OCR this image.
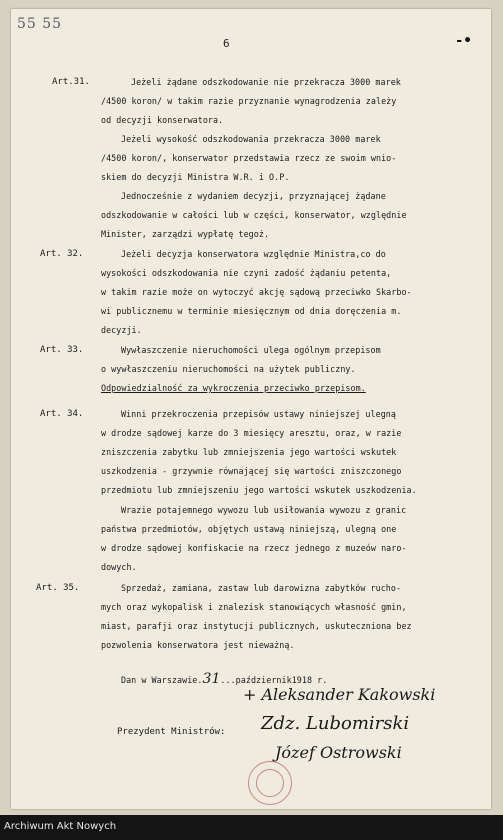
55 55
6	-•
Art.31.	Jeżeli żądane odszkodowanie nie przekracza 3000 marek
/4500 koron/ w takim razie przyznanie wynagrodzenia zależy
od decyzji konserwatora.
Jeżeli wysokość odszkodowania przekracza 3000 marek
/4500 koron/, konserwator przedstawia rzecz ze swoim wnio-
skiem do decyzji Ministra W.R. i O.P.
Jednocześnie z wydaniem decyzji, przyznającej żądane
odszkodowanie w całości lub w części, konserwator, względnie
Minister, zarządzi wypłatę tegoż.
Art. 32.	Jeżeli decyzja konserwatora względnie Ministra,co do
wysokości odszkodowania nie czyni zadość żądaniu petenta,
w takim razie może on wytoczyć akcję sądową przeciwko Skarbo-
wi publicznemu w terminie miesięcznym od dnia doręczenia m.
decyzji.
Art. 33.	Wywłaszczenie nieruchomości ulega ogólnym przepisom
o wywłaszczeniu nieruchomości na użytek publiczny.
Odpowiedzialność za wykroczenia przeciwko przepisom.
Art. 34.	Winni przekroczenia przepisów ustawy niniejszej ulegną
w drodze sądowej karze do 3 miesięcy aresztu, oraz, w razie
zniszczenia zabytku lub zmniejszenia jego wartości wskutek
uszkodzenia - grzywnie równającej się wartości zniszczonego
przedmiotu lub zmniejszeniu jego wartości wskutek uszkodzenia.
Wrazie potajemnego wywozu lub usiłowania wywozu z granic
państwa przedmiotów, objętych ustawą niniejszą, ulegną one
w drodze sądowej konfiskacie na rzecz jednego z muzeów naro-
dowych.
Art. 35.	Sprzedaż, zamiana, zastaw lub darowizna zabytków rucho-
mych oraz wykopalisk i znalezisk stanowiących własność gmin,
miast, parafji oraz instytucji publicznych, uskuteczniona bez
pozwolenia konserwatora jest nieważną.
Dan w Warszawie.31...październik1918 r.
Prezydent Ministrów:
+ Aleksander Kakowski
Zdz. Lubomirski
Józef Ostrowski
Archiwum Akt Nowych
